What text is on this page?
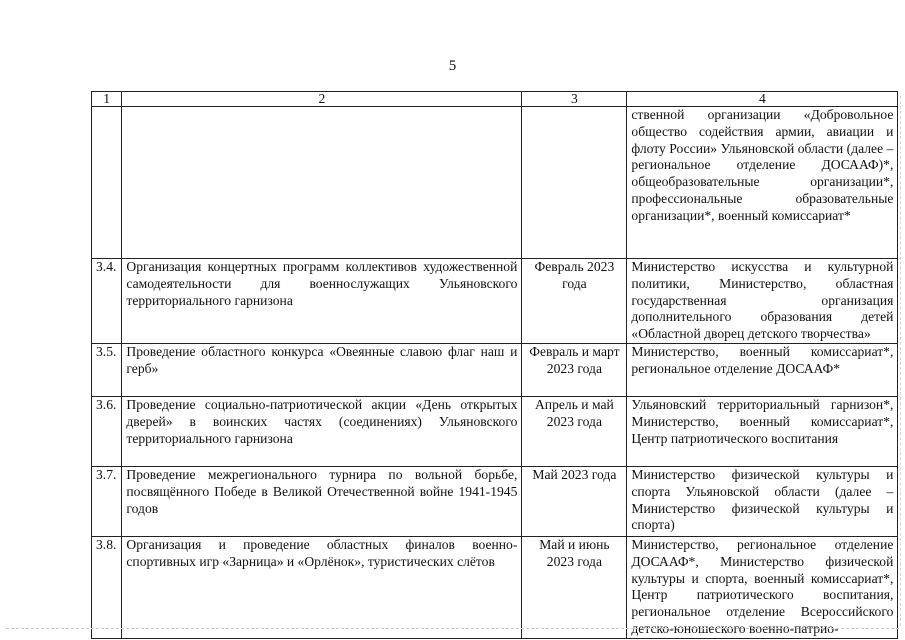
5
1	2	3	4
			ственной организации «Добровольное общество содействия армии, авиации и флоту России» Ульяновской области (далее – региональное отделение ДОСААФ)*, общеобразовательные организации*, профессиональные образовательные организации*, военный комиссариат*
3.4.	Организация концертных программ коллективов художественной самодеятельности для военнослужащих Ульяновского территориального гарнизона	Февраль 2023 года	Министерство искусства и культурной политики, Министерство, областная государственная организация дополнительного образования детей «Областной дворец детского творчества»
3.5.	Проведение областного конкурса «Овеянные славою флаг наш и герб»	Февраль и март 2023 года	Министерство, военный комиссариат*, региональное отделение ДОСААФ*
3.6.	Проведение социально-патриотической акции «День открытых дверей» в воинских частях (соединениях) Ульяновского территориального гарнизона	Апрель и май 2023 года	Ульяновский территориальный гарнизон*, Министерство, военный комиссариат*, Центр патриотического воспитания
3.7.	Проведение межрегионального турнира по вольной борьбе, посвящённого Победе в Великой Отечественной войне 1941-1945 годов	Май 2023 года	Министерство физической культуры и спорта Ульяновской области (далее – Министерство физической культуры и спорта)
3.8.	Организация и проведение областных финалов военно-спортивных игр «Зарница» и «Орлёнок», туристических слётов	Май и июнь 2023 года	Министерство, региональное отделение ДОСААФ*, Министерство физической культуры и спорта, военный комиссариат*, Центр патриотического воспитания, региональное отделение Всероссийского детско-юношеского военно-патрио-
